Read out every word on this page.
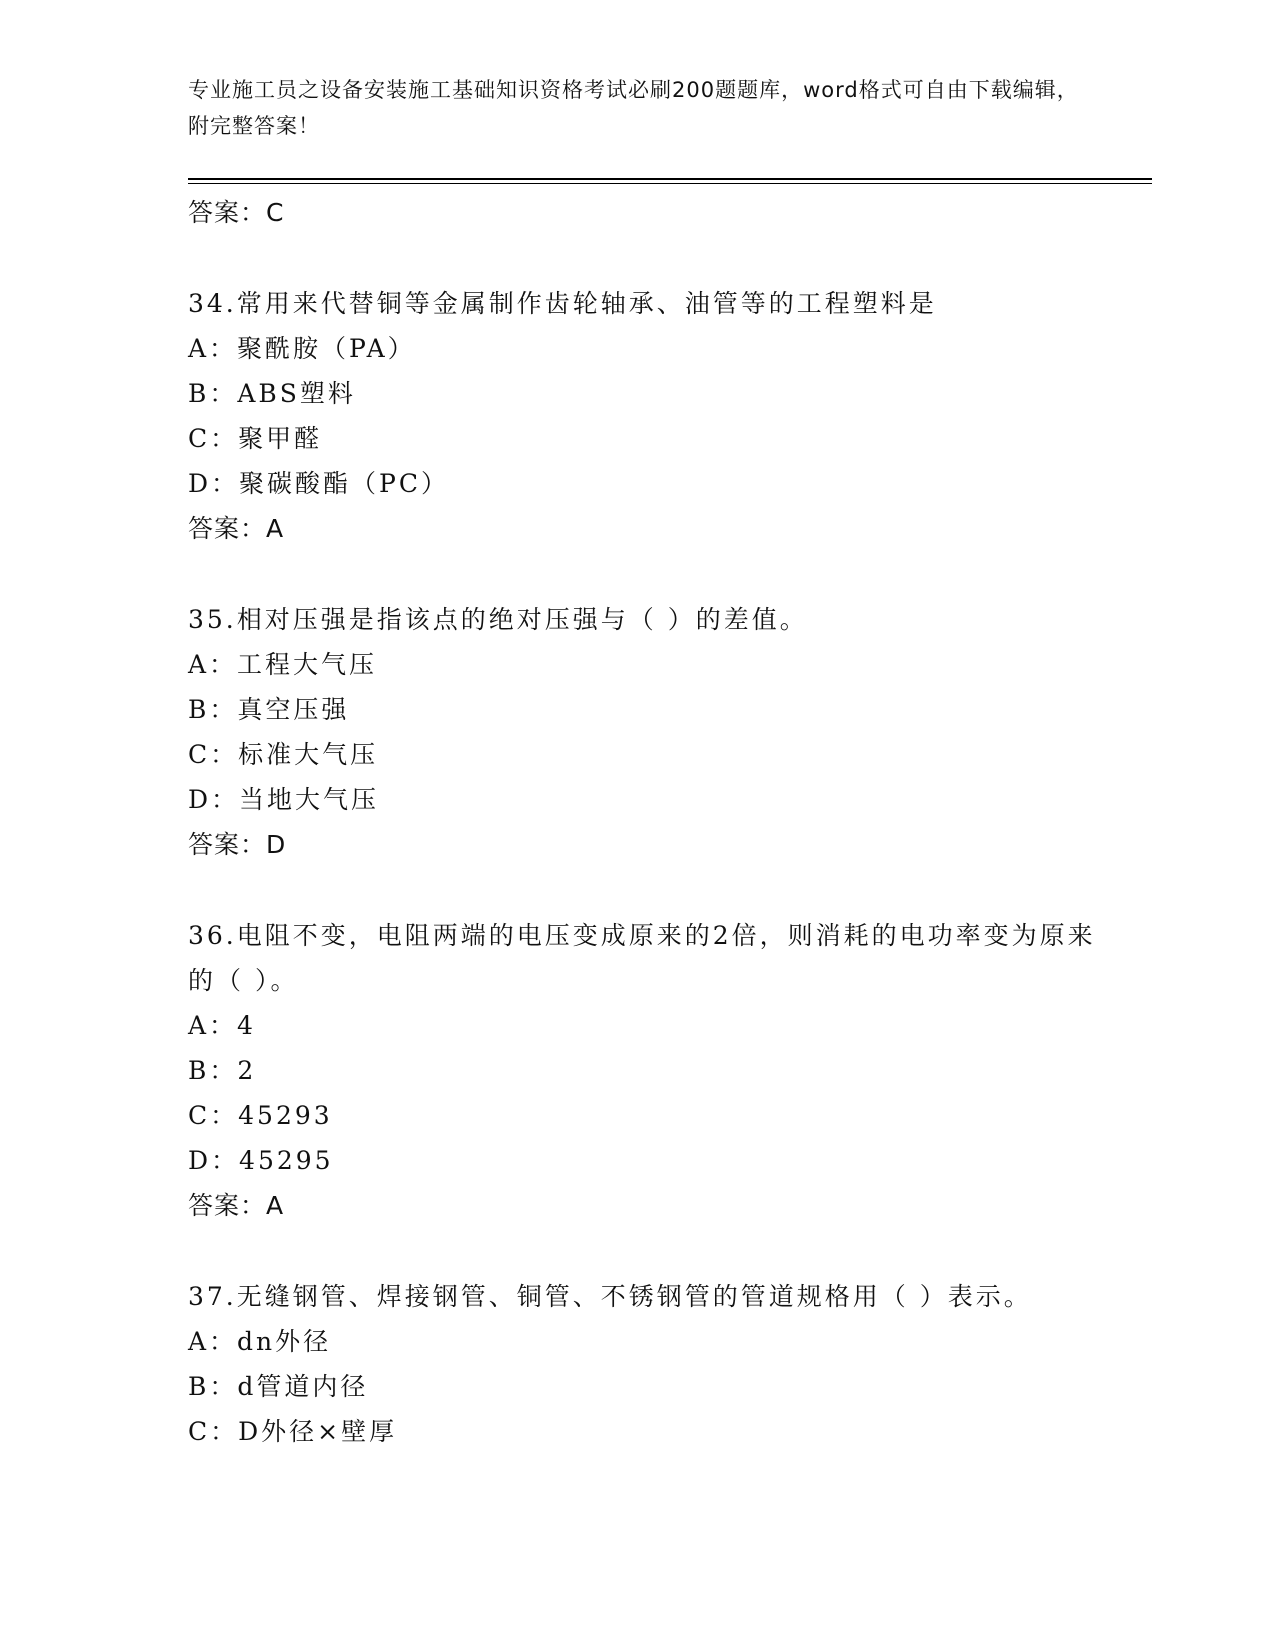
专业施工员之设备安装施工基础知识资格考试必刷200题题库，word格式可自由下载编辑，附完整答案！
答案：C
34.常用来代替铜等金属制作齿轮轴承、油管等的工程塑料是
A：聚酰胺（PA）
B：ABS塑料
C：聚甲醛
D：聚碳酸酯（PC）
答案：A
35.相对压强是指该点的绝对压强与（ ）的差值。
A：工程大气压
B：真空压强
C：标准大气压
D：当地大气压
答案：D
36.电阻不变，电阻两端的电压变成原来的2倍，则消耗的电功率变为原来的（ ）。
A：4
B：2
C：45293
D：45295
答案：A
37.无缝钢管、焊接钢管、铜管、不锈钢管的管道规格用（ ）表示。
A：dn外径
B：d管道内径
C：D外径×壁厚
